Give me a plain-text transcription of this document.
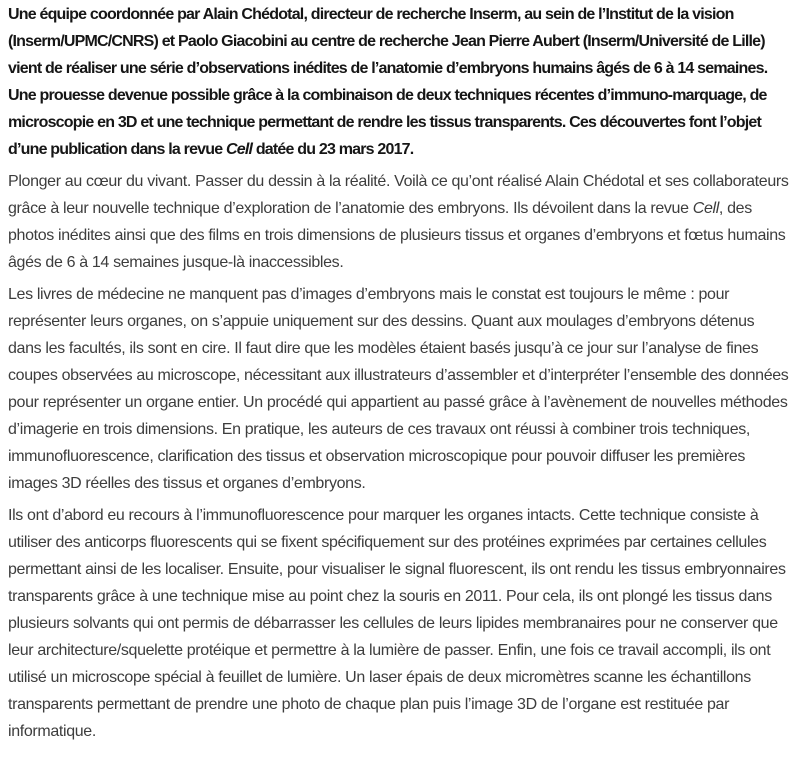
Une équipe coordonnée par Alain Chédotal, directeur de recherche Inserm, au sein de l’Institut de la vision (Inserm/UPMC/CNRS) et Paolo Giacobini au centre de recherche Jean Pierre Aubert (Inserm/Université de Lille) vient de réaliser une série d’observations inédites de l’anatomie d’embryons humains âgés de 6 à 14 semaines. Une prouesse devenue possible grâce à la combinaison de deux techniques récentes d’immuno-marquage, de microscopie en 3D et une technique permettant de rendre les tissus transparents. Ces découvertes font l’objet d’une publication dans la revue Cell datée du 23 mars 2017.

Plonger au cœur du vivant. Passer du dessin à la réalité. Voilà ce qu’ont réalisé Alain Chédotal et ses collaborateurs grâce à leur nouvelle technique d’exploration de l’anatomie des embryons. Ils dévoilent dans la revue Cell, des photos inédites ainsi que des films en trois dimensions de plusieurs tissus et organes d’embryons et fœtus humains âgés de 6 à 14 semaines jusque-là inaccessibles.

Les livres de médecine ne manquent pas d’images d’embryons mais le constat est toujours le même : pour représenter leurs organes, on s’appuie uniquement sur des dessins. Quant aux moulages d’embryons détenus dans les facultés, ils sont en cire. Il faut dire que les modèles étaient basés jusqu’à ce jour sur l’analyse de fines coupes observées au microscope, nécessitant aux illustrateurs d’assembler et d’interpréter l’ensemble des données pour représenter un organe entier. Un procédé qui appartient au passé grâce à l’avènement de nouvelles méthodes d’imagerie en trois dimensions. En pratique, les auteurs de ces travaux ont réussi à combiner trois techniques, immunofluorescence, clarification des tissus et observation microscopique pour pouvoir diffuser les premières images 3D réelles des tissus et organes d’embryons.

Ils ont d’abord eu recours à l’immunofluorescence pour marquer les organes intacts. Cette technique consiste à utiliser des anticorps fluorescents qui se fixent spécifiquement sur des protéines exprimées par certaines cellules permettant ainsi de les localiser. Ensuite, pour visualiser le signal fluorescent, ils ont rendu les tissus embryonnaires transparents grâce à une technique mise au point chez la souris en 2011. Pour cela, ils ont plongé les tissus dans plusieurs solvants qui ont permis de débarrasser les cellules de leurs lipides membranaires pour ne conserver que leur architecture/squelette protéique et permettre à la lumière de passer. Enfin, une fois ce travail accompli, ils ont utilisé un microscope spécial à feuillet de lumière. Un laser épais de deux micromètres scanne les échantillons transparents permettant de prendre une photo de chaque plan puis l’image 3D de l’organe est restituée par informatique.
